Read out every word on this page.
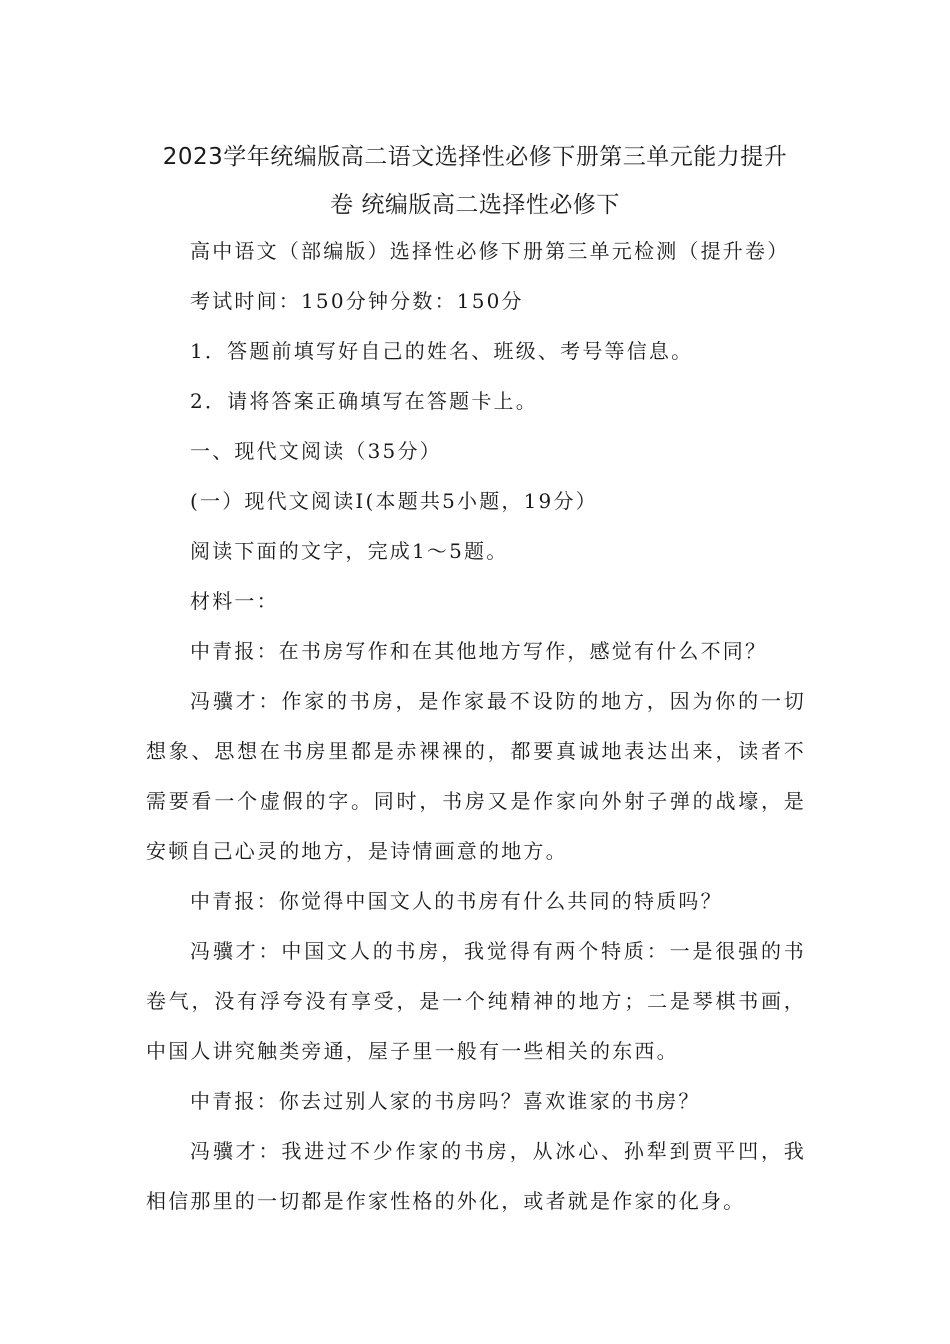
2023学年统编版高二语文选择性必修下册第三单元能力提升
卷 统编版高二选择性必修下
高中语文（部编版）选择性必修下册第三单元检测（提升卷）
考试时间：150分钟分数：150分
1．答题前填写好自己的姓名、班级、考号等信息。
2．请将答案正确填写在答题卡上。
一、现代文阅读（35分）
(一）现代文阅读Ⅰ(本题共5小题，19分）
阅读下面的文字，完成1～5题。
材料一：
中青报：在书房写作和在其他地方写作，感觉有什么不同？
冯骥才：作家的书房，是作家最不设防的地方，因为你的一切
想象、思想在书房里都是赤裸裸的，都要真诚地表达出来，读者不
需要看一个虚假的字。同时，书房又是作家向外射子弹的战壕，是
安顿自己心灵的地方，是诗情画意的地方。
中青报：你觉得中国文人的书房有什么共同的特质吗？
冯骥才：中国文人的书房，我觉得有两个特质：一是很强的书
卷气，没有浮夸没有享受，是一个纯精神的地方；二是琴棋书画，
中国人讲究触类旁通，屋子里一般有一些相关的东西。
中青报：你去过别人家的书房吗？喜欢谁家的书房？
冯骥才：我进过不少作家的书房，从冰心、孙犁到贾平凹，我
相信那里的一切都是作家性格的外化，或者就是作家的化身。
